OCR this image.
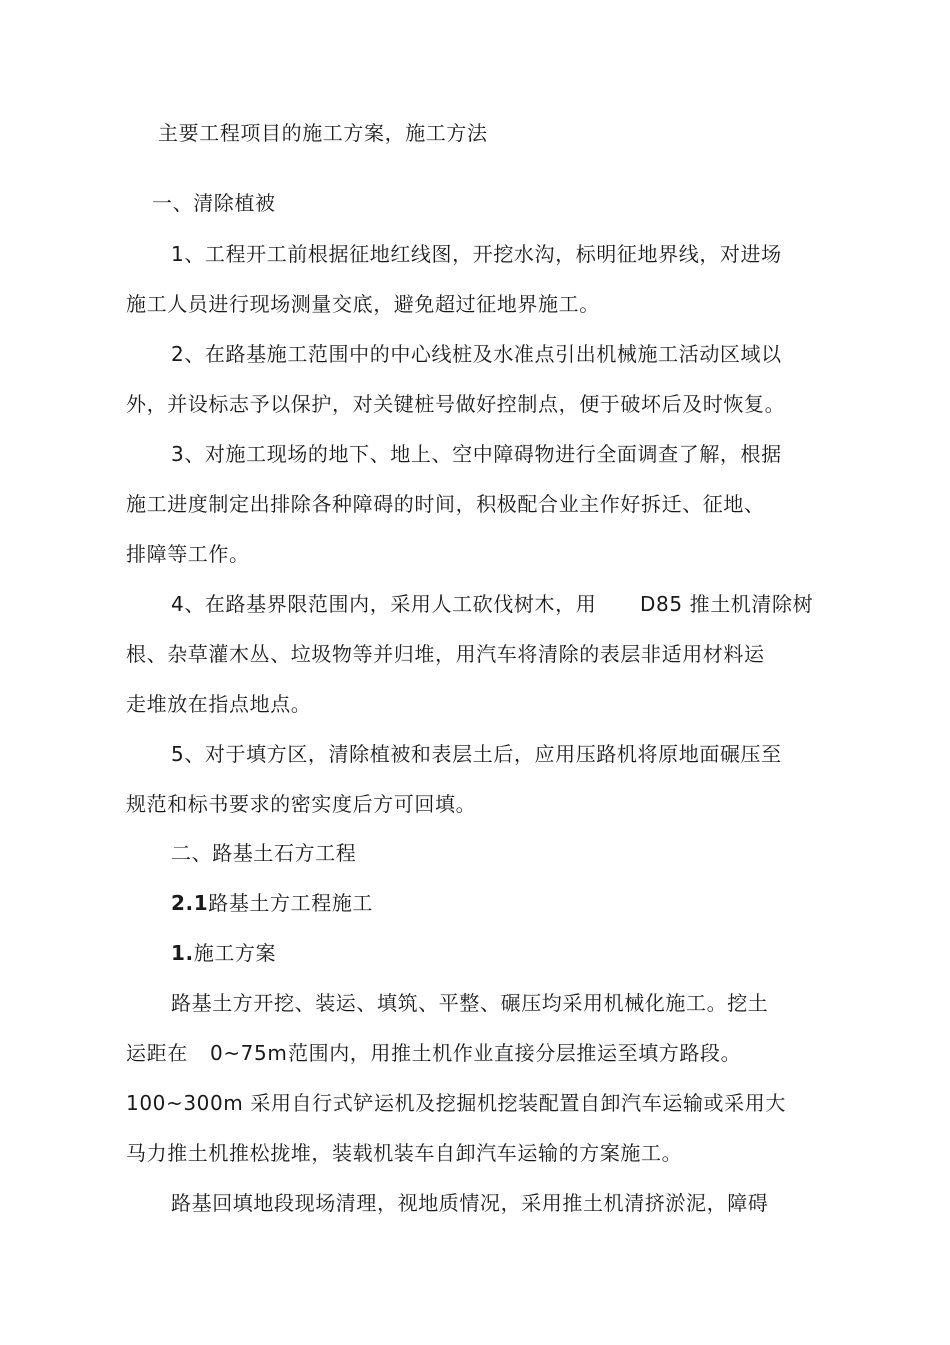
主要工程项目的施工方案，施工方法
一、清除植被
1、工程开工前根据征地红线图，开挖水沟，标明征地界线，对进场
施工人员进行现场测量交底，避免超过征地界施工。
2、在路基施工范围中的中心线桩及水准点引出机械施工活动区域以
外，并设标志予以保护，对关键桩号做好控制点，便于破坏后及时恢复。
3、对施工现场的地下、地上、空中障碍物进行全面调查了解，根据
施工进度制定出排除各种障碍的时间，积极配合业主作好拆迁、征地、
排障等工作。
4、在路基界限范围内，采用人工砍伐树木，用 D85 推土机清除树
根、杂草灌木丛、垃圾物等并归堆，用汽车将清除的表层非适用材料运
走堆放在指点地点。
5、对于填方区，清除植被和表层土后，应用压路机将原地面碾压至
规范和标书要求的密实度后方可回填。
二、路基土石方工程
2.1路基土方工程施工
1.施工方案
路基土方开挖、装运、填筑、平整、碾压均采用机械化施工。挖土
运距在 0~75m 范围内，用推土机作业直接分层推运至填方路段。
100~300m 采用自行式铲运机及挖掘机挖装配置自卸汽车运输或采用大
马力推土机推松拢堆，装载机装车自卸汽车运输的方案施工。
路基回填地段现场清理，视地质情况，采用推土机清挤淤泥，障碍
